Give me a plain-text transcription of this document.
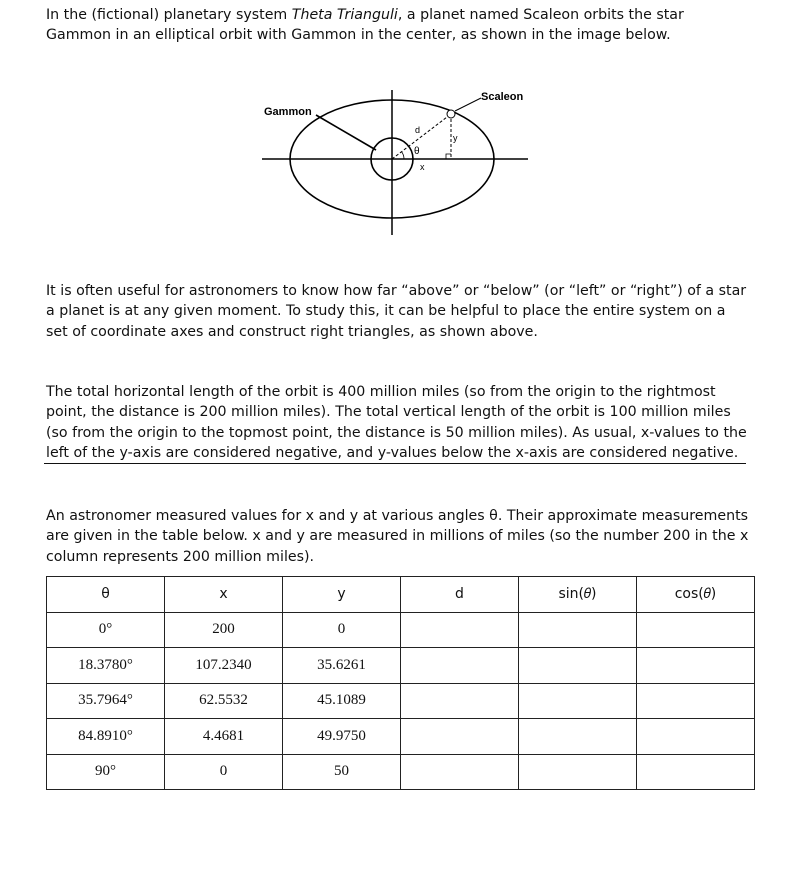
In the (fictional) planetary system Theta Trianguli, a planet named Scaleon orbits the star Gammon in an elliptical orbit with Gammon in the center, as shown in the image below.

Gammon
Scaleon
d
θ
x
y

It is often useful for astronomers to know how far “above” or “below” (or “left” or “right”) of a star a planet is at any given moment. To study this, it can be helpful to place the entire system on a set of coordinate axes and construct right triangles, as shown above.

The total horizontal length of the orbit is 400 million miles (so from the origin to the rightmost point, the distance is 200 million miles). The total vertical length of the orbit is 100 million miles (so from the origin to the topmost point, the distance is 50 million miles). As usual, x-values to the left of the y-axis are considered negative, and y-values below the x-axis are considered negative.

An astronomer measured values for x and y at various angles θ. Their approximate measurements are given in the table below. x and y are measured in millions of miles (so the number 200 in the x column represents 200 million miles).

θ	x	y	d	sin(𝜃)	cos(𝜃)
0°	200	0			
18.3780°	107.2340	35.6261			
35.7964°	62.5532	45.1089			
84.8910°	4.4681	49.9750			
90°	0	50			
